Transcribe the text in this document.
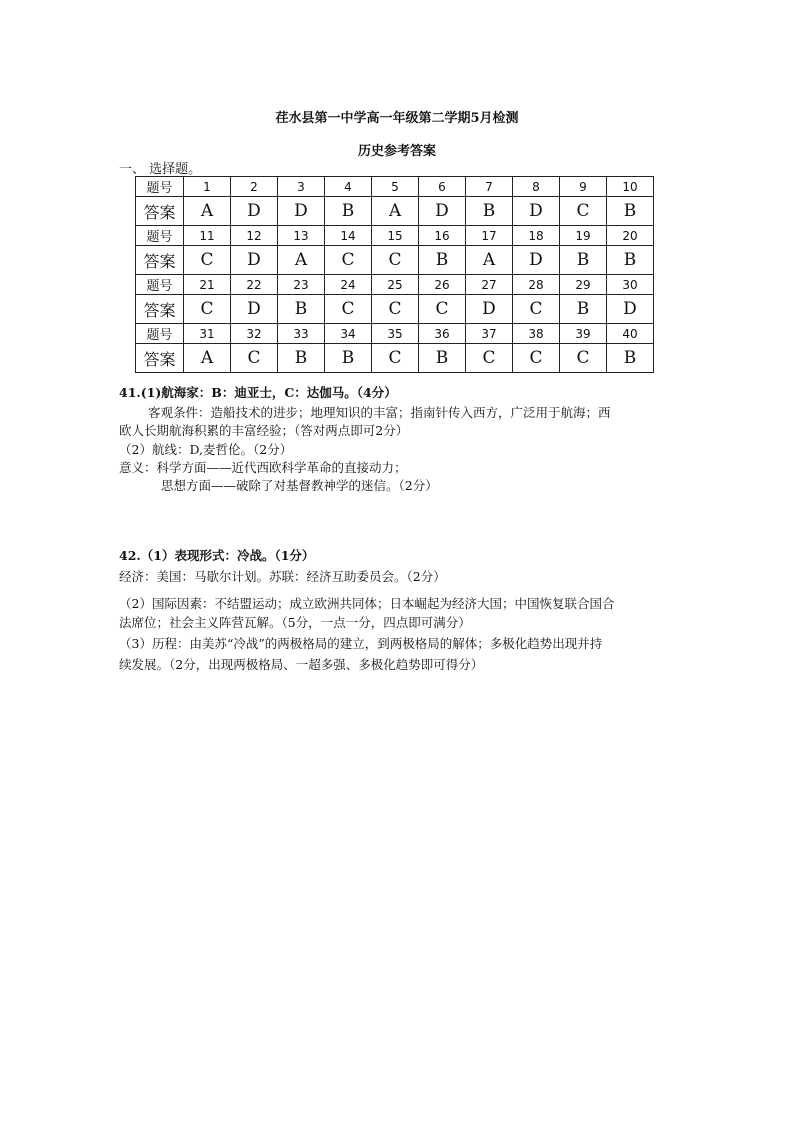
荏水县第一中学高一年级第二学期5月检测
历史参考答案
一、 选择题。
题号	1	2	3	4	5	6	7	8	9	10
答案	A	D	D	B	A	D	B	D	C	B
题号	11	12	13	14	15	16	17	18	19	20
答案	C	D	A	C	C	B	A	D	B	B
题号	21	22	23	24	25	26	27	28	29	30
答案	C	D	B	C	C	C	D	C	B	D
题号	31	32	33	34	35	36	37	38	39	40
答案	A	C	B	B	C	B	C	C	C	B
41.(1)航海家：B：迪亚士，C：达伽马。（4分）
客观条件：造船技术的进步；地理知识的丰富；指南针传入西方，广泛用于航海；西
欧人长期航海积累的丰富经验；（答对两点即可2分）
（2）航线：D,麦哲伦。（2分）
意义：科学方面——近代西欧科学革命的直接动力；
思想方面——破除了对基督教神学的迷信。（2分）
42.（1）表现形式：冷战。（1分）
经济：美国：马歇尔计划。苏联：经济互助委员会。（2分）
（2）国际因素：不结盟运动；成立欧洲共同体；日本崛起为经济大国；中国恢复联合国合
法席位；社会主义阵营瓦解。（5分，一点一分，四点即可满分）
（3）历程：由美苏“冷战”的两极格局的建立，到两极格局的解体；多极化趋势出现并持
续发展。（2分，出现两极格局、一超多强、多极化趋势即可得分）
